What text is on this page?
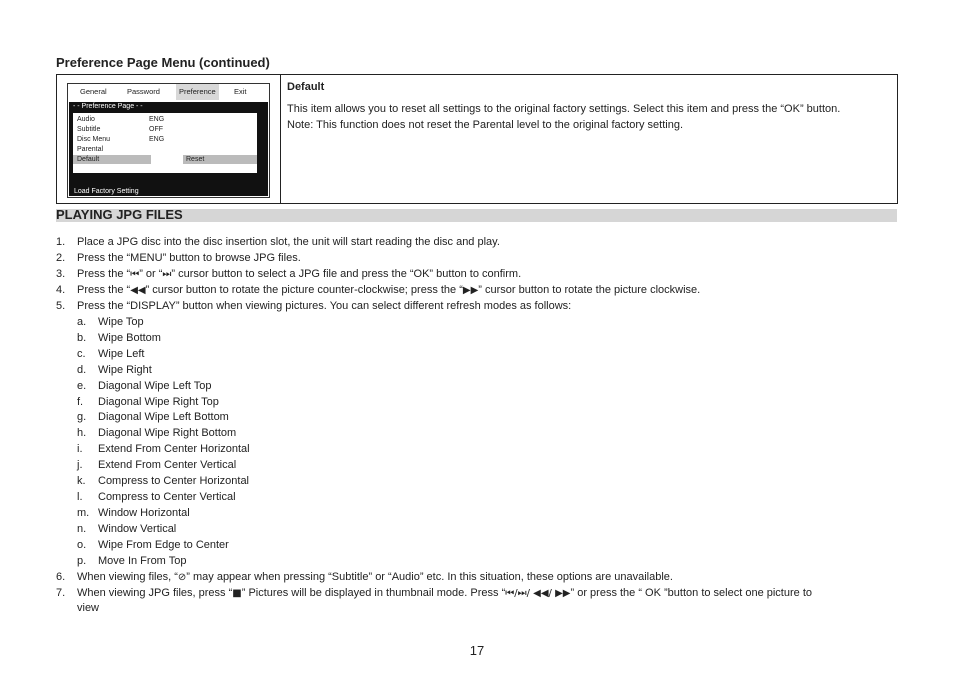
Preference Page Menu (continued)
General	Password	Preference	Exit
- - Preference Page - -
Audio	ENG
Subtitle	OFF
Disc Menu	ENG
Parental
Default	Reset
Load Factory Setting
Default
This item allows you to reset all settings to the original factory settings. Select this item and press the “OK” button.
Note: This function does not reset the Parental level to the original factory setting.
PLAYING JPG FILES
1. Place a JPG disc into the disc insertion slot, the unit will start reading the disc and play.
2. Press the “MENU” button to browse JPG files.
3. Press the “⏮” or “⏭” cursor button to select a JPG file and press the “OK” button to confirm.
4. Press the “◀◀” cursor button to rotate the picture counter-clockwise; press the “▶▶” cursor button to rotate the picture clockwise.
5. Press the “DISPLAY” button when viewing pictures. You can select different refresh modes as follows:
a. Wipe Top
b. Wipe Bottom
c. Wipe Left
d. Wipe Right
e. Diagonal Wipe Left Top
f. Diagonal Wipe Right Top
g. Diagonal Wipe Left Bottom
h. Diagonal Wipe Right Bottom
i. Extend From Center Horizontal
j. Extend From Center Vertical
k. Compress to Center Horizontal
l. Compress to Center Vertical
m. Window Horizontal
n. Window Vertical
o. Wipe From Edge to Center
p. Move In From Top
6. When viewing files, “⊘” may appear when pressing “Subtitle” or “Audio” etc. In this situation, these options are unavailable.
7. When viewing JPG files, press “■” Pictures will be displayed in thumbnail mode. Press “⏮/⏭/ ◀◀/ ▶▶” or press the “ OK ”button to select one picture to
view
17
